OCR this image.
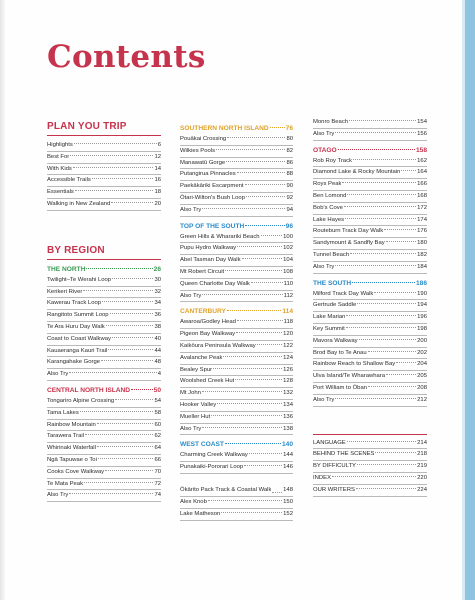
Contents
PLAN YOU TRIP
Highlights	6
Best For	12
With Kids	14
Accessible Trails	16
Essentials	18
Walking in New Zealand	20
BY REGION
THE NORTH	26
Twilight–Te Werahi Loop	30
Kerikeri River	32
Kawerau Track Loop	34
Rangitoto Summit Loop	36
Te Ara Huru Day Walk	38
Coast to Coast Walkway	40
Kauaeranga Kauri Trail	44
Karangahake Gorge	48
Also Try	4
CENTRAL NORTH ISLAND	50
Tongariro Alpine Crossing	54
Tama Lakes	58
Rainbow Mountain	60
Tarawera Trail	62
Whirinaki Waterfall	64
Ngā Tapuwae o Toi	66
Cooks Cove Walkway	70
Te Mata Peak	72
Also Try	74
SOUTHERN NORTH ISLAND	76
Pouākai Crossing	80
Wilkies Pools	82
Manawatū Gorge	86
Putangirua Pinnacles	88
Paekākāriki Escarpment	90
Ōtari-Wilton's Bush Loop	92
Also Try	94
TOP OF THE SOUTH	96
Green Hills & Wharariki Beach	100
Pupu Hydro Walkway	102
Abel Tasman Day Walk	104
Mt Robert Circuit	108
Queen Charlotte Day Walk	110
Also Try	112
CANTERBURY	114
Awaroa/Godley Head	118
Pigeon Bay Walkway	120
Kaikōura Peninsula Walkway	122
Avalanche Peak	124
Bealey Spur	126
Woolshed Creek Hut	128
Mt John	132
Hooker Valley	134
Mueller Hut	136
Also Try	138
WEST COAST	140
Charming Creek Walkway	144
Punakaiki-Pororari Loop	146
Ōkārito Pack Track & Coastal Walk 148
Alex Knob	150
Lake Matheson	152
Monro Beach	154
Also Try	156
OTAGO	158
Rob Roy Track	162
Diamond Lake & Rocky Mountain	164
Roys Peak	166
Ben Lomond	168
Bob's Cove	172
Lake Hayes	174
Routeburn Track Day Walk	176
Sandymount & Sandfly Bay	180
Tunnel Beach	182
Also Try	184
THE SOUTH	186
Milford Track Day Walk	190
Gertrude Saddle	194
Lake Marian	196
Key Summit	198
Mavora Walkway	200
Brod Bay to Te Anau	202
Rainbow Reach to Shallow Bay	204
Ulva Island/Te Wharawhara	205
Port William to Ōban	208
Also Try	212
LANGUAGE	214
BEHIND THE SCENES	218
BY DIFFICULTY	219
INDEX	220
OUR WRITERS	224
